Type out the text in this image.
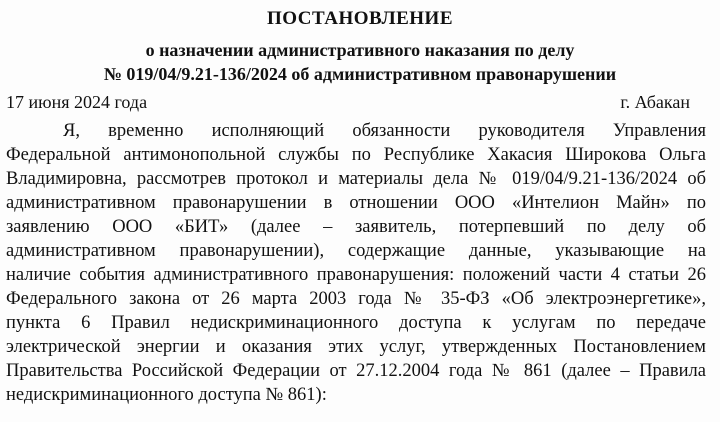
ПОСТАНОВЛЕНИЕ
о назначении административного наказания по делу
№ 019/04/9.21-136/2024 об административном правонарушении
17 июня 2024 года	г. Абакан
Я, временно исполняющий обязанности руководителя Управления
Федеральной антимонопольной службы по Республике Хакасия Широкова Ольга
Владимировна, рассмотрев протокол и материалы дела № 019/04/9.21-136/2024 об
административном правонарушении в отношении ООО «Интелион Майн» по
заявлению ООО «БИТ» (далее – заявитель, потерпевший по делу об
административном правонарушении), содержащие данные, указывающие на
наличие события административного правонарушения: положений части 4 статьи 26
Федерального закона от 26 марта 2003 года № 35-ФЗ «Об электроэнергетике»,
пункта 6 Правил недискриминационного доступа к услугам по передаче
электрической энергии и оказания этих услуг, утвержденных Постановлением
Правительства Российской Федерации от 27.12.2004 года № 861 (далее – Правила
недискриминационного доступа № 861):
